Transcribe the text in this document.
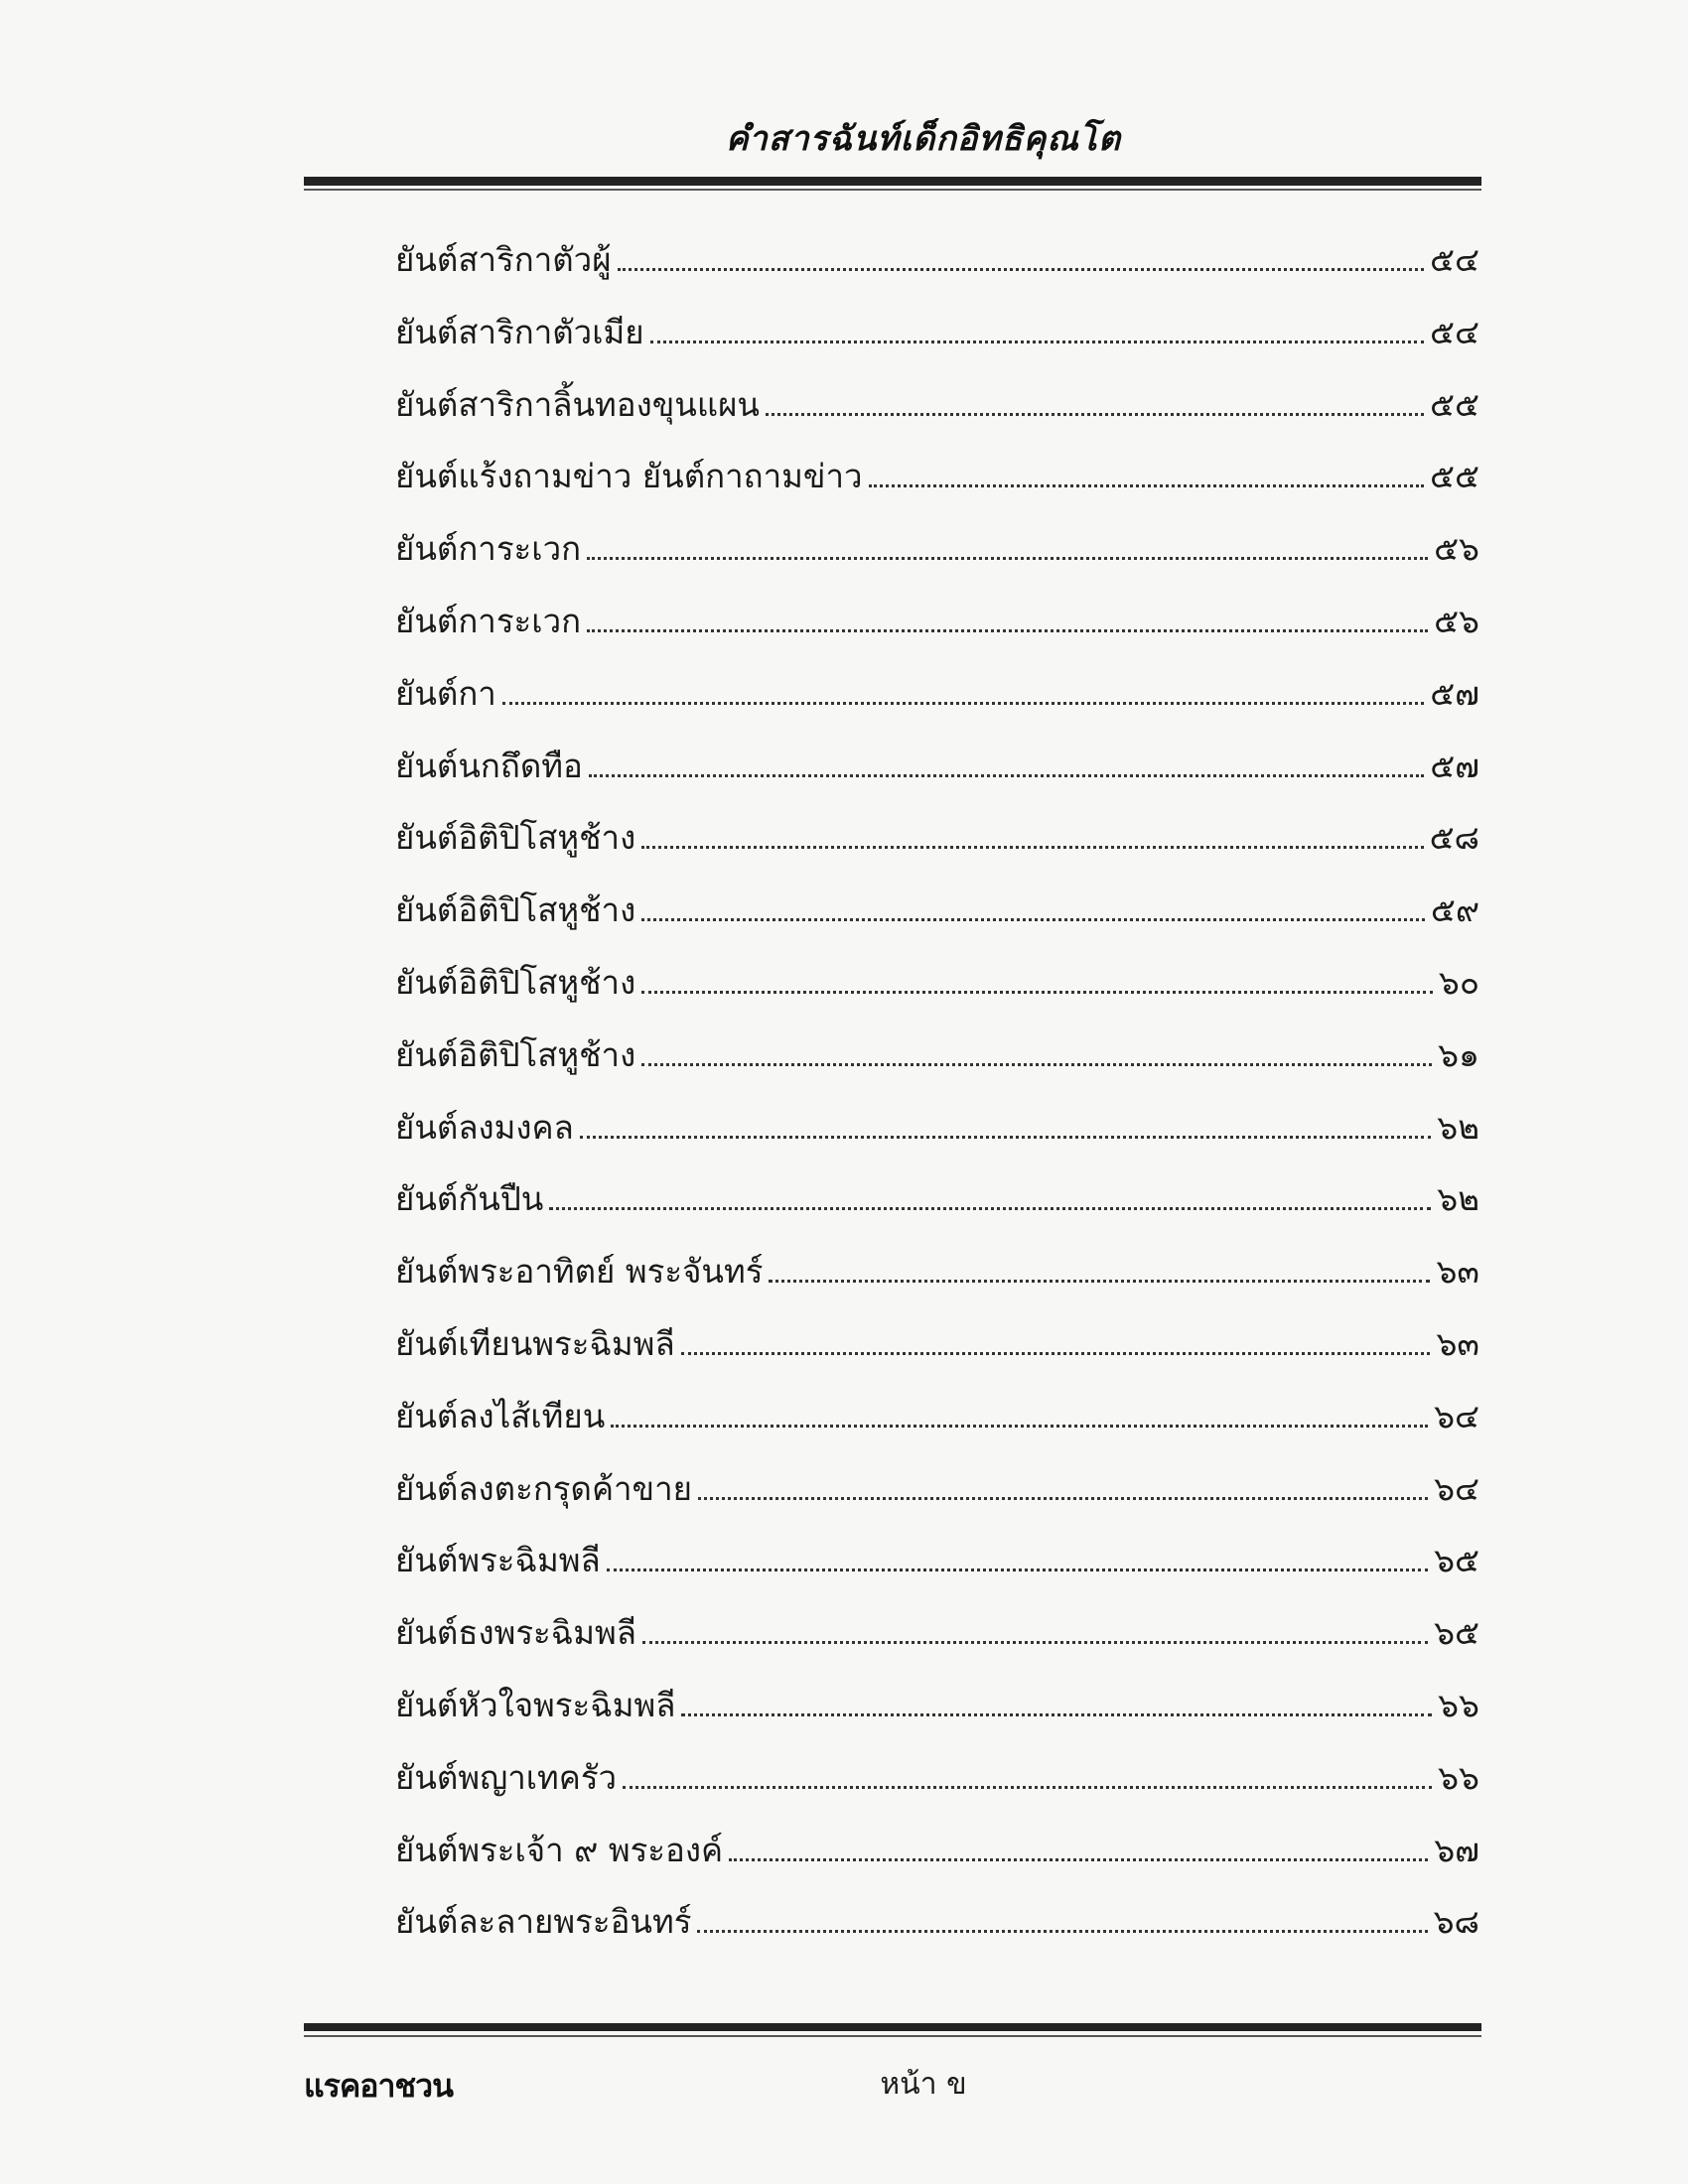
คำสารฉันท์เด็กอิทธิคุณโต
ยันต์สาริกาตัวผู้	๕๔
ยันต์สาริกาตัวเมีย	๕๔
ยันต์สาริกาลิ้นทองขุนแผน	๕๕
ยันต์แร้งถามข่าว ยันต์กาถามข่าว	๕๕
ยันต์การะเวก	๕๖
ยันต์การะเวก	๕๖
ยันต์กา	๕๗
ยันต์นกถึดทือ	๕๗
ยันต์อิติปิโสหูช้าง	๕๘
ยันต์อิติปิโสหูช้าง	๕๙
ยันต์อิติปิโสหูช้าง	๖๐
ยันต์อิติปิโสหูช้าง	๖๑
ยันต์ลงมงคล	๖๒
ยันต์กันปืน	๖๒
ยันต์พระอาทิตย์ พระจันทร์	๖๓
ยันต์เทียนพระฉิมพลี	๖๓
ยันต์ลงไส้เทียน	๖๔
ยันต์ลงตะกรุดค้าขาย	๖๔
ยันต์พระฉิมพลี	๖๕
ยันต์ธงพระฉิมพลี	๖๕
ยันต์หัวใจพระฉิมพลี	๖๖
ยันต์พญาเทครัว	๖๖
ยันต์พระเจ้า ๙ พระองค์	๖๗
ยันต์ละลายพระอินทร์	๖๘
แรคอาชวน	หน้า ข
